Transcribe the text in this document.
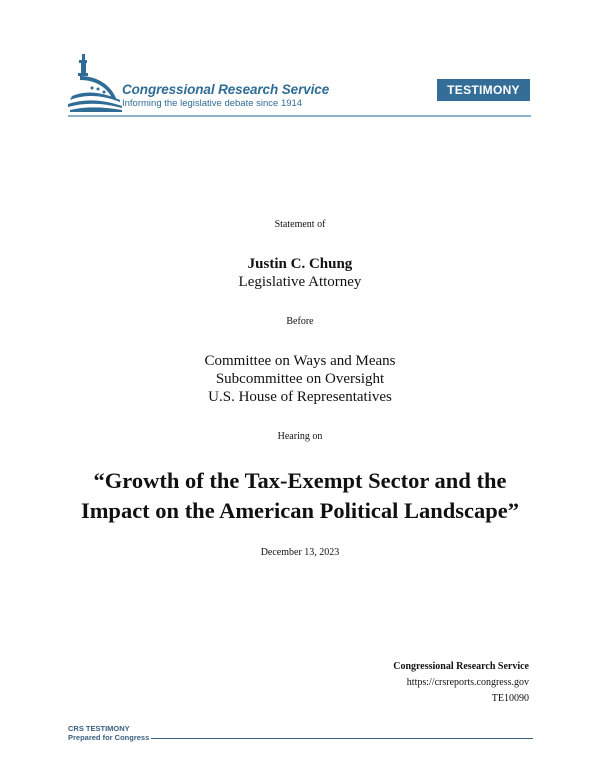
Congressional Research Service
Informing the legislative debate since 1914
TESTIMONY
Statement of
Justin C. Chung
Legislative Attorney
Before
Committee on Ways and Means
Subcommittee on Oversight
U.S. House of Representatives
Hearing on
“Growth of the Tax-Exempt Sector and the
Impact on the American Political Landscape”
December 13, 2023
Congressional Research Service
https://crsreports.congress.gov
TE10090
CRS TESTIMONY
Prepared for Congress
